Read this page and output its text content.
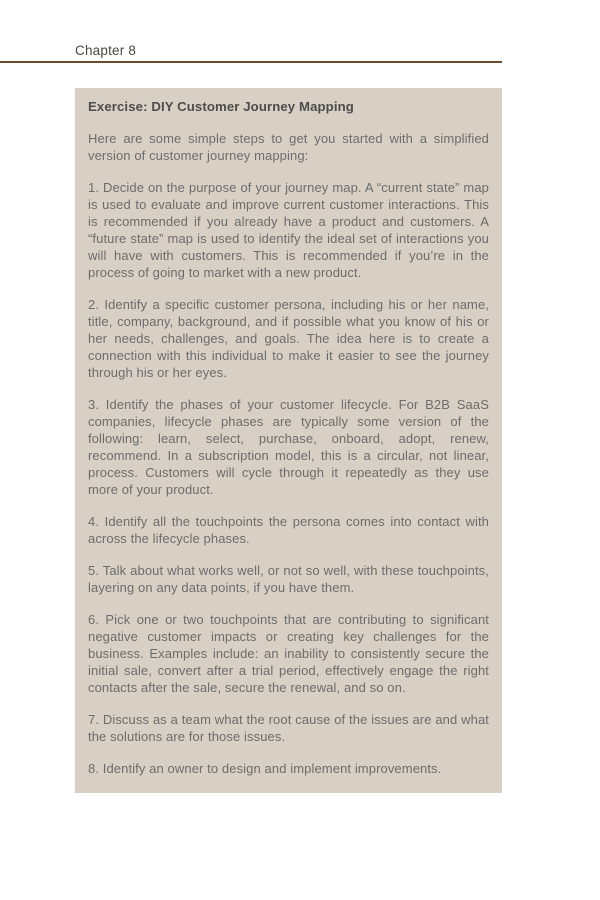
Chapter 8

Exercise: DIY Customer Journey Mapping

Here are some simple steps to get you started with a simplified version of customer journey mapping:

1. Decide on the purpose of your journey map. A “current state” map is used to evaluate and improve current customer interactions. This is recommended if you already have a product and customers. A “future state” map is used to identify the ideal set of interactions you will have with customers. This is recommended if you’re in the process of going to market with a new product.

2. Identify a specific customer persona, including his or her name, title, company, background, and if possible what you know of his or her needs, challenges, and goals. The idea here is to create a connection with this individual to make it easier to see the journey through his or her eyes.

3. Identify the phases of your customer lifecycle. For B2B SaaS companies, lifecycle phases are typically some version of the following: learn, select, purchase, onboard, adopt, renew, recommend. In a subscription model, this is a circular, not linear, process. Customers will cycle through it repeatedly as they use more of your product.

4. Identify all the touchpoints the persona comes into contact with across the lifecycle phases.

5. Talk about what works well, or not so well, with these touchpoints, layering on any data points, if you have them.

6. Pick one or two touchpoints that are contributing to significant negative customer impacts or creating key challenges for the business. Examples include: an inability to consistently secure the initial sale, convert after a trial period, effectively engage the right contacts after the sale, secure the renewal, and so on.

7. Discuss as a team what the root cause of the issues are and what the solutions are for those issues.

8. Identify an owner to design and implement improvements.
